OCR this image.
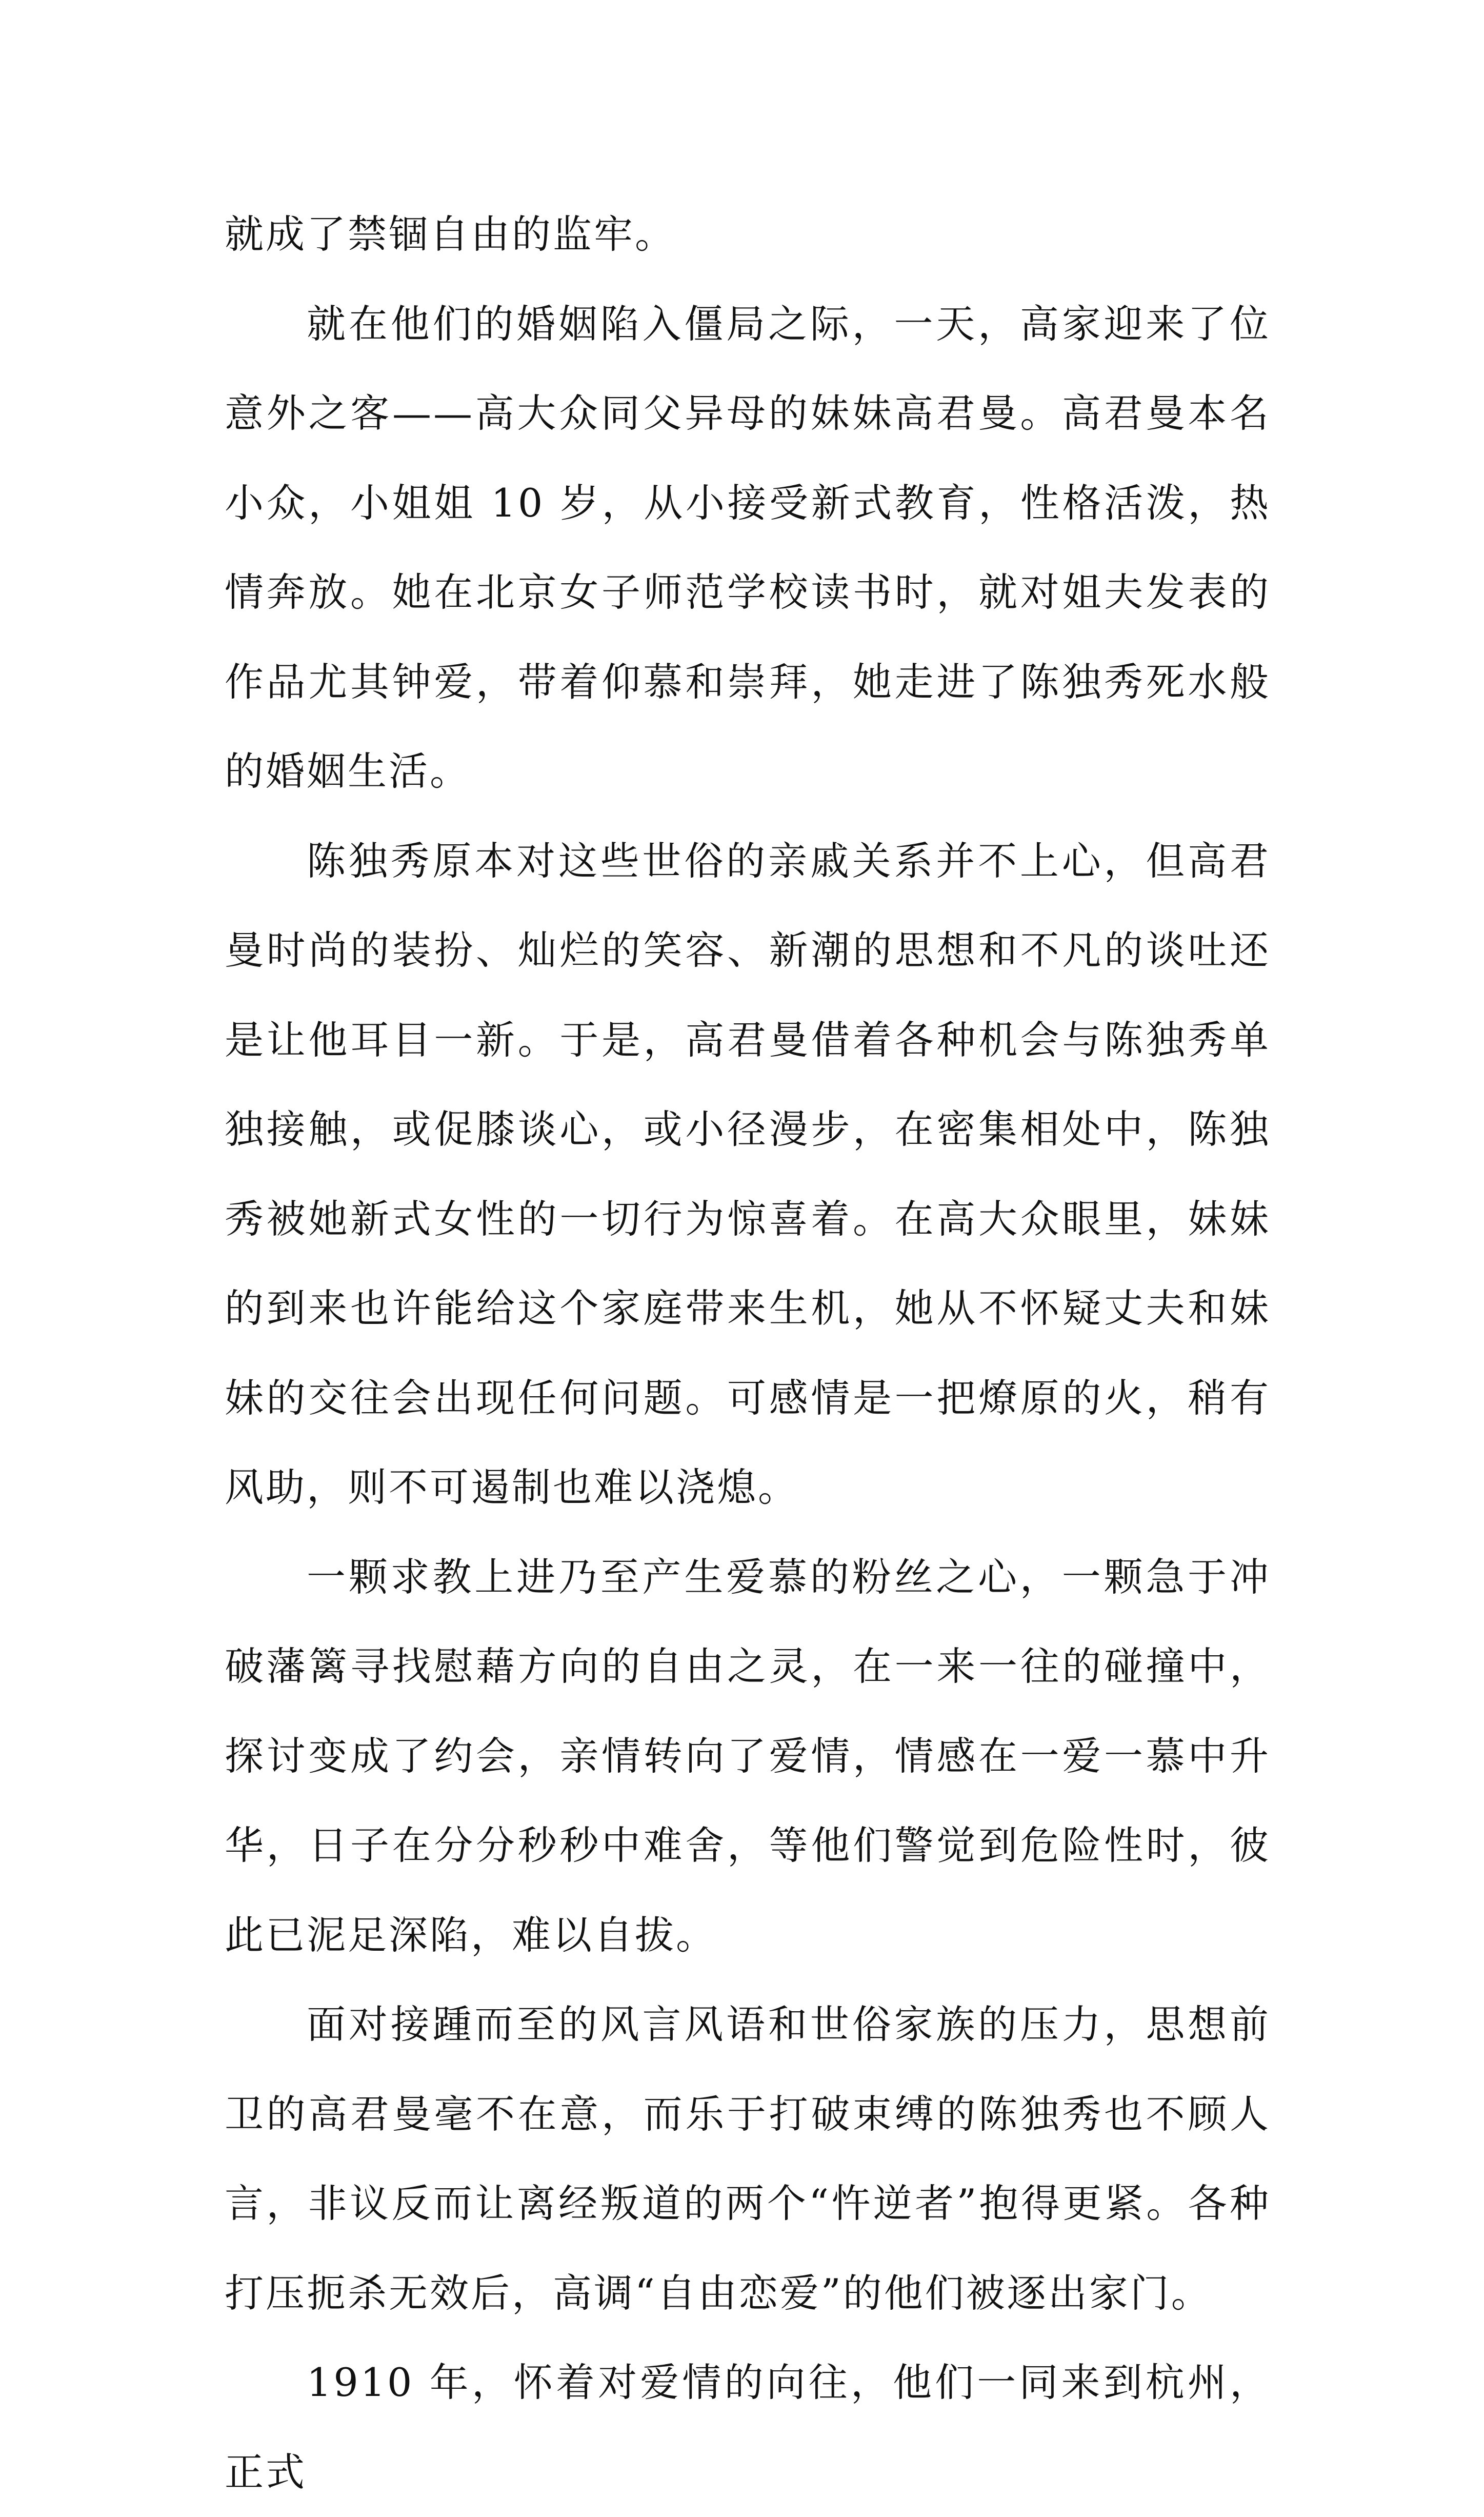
就成了禁锢自由的监牢。

就在他们的婚姻陷入僵局之际，一天，高家迎来了位意外之客——高大众同父异母的妹妹高君曼。高君曼本名小众，小姐姐 10 岁，从小接受新式教育，性格活泼，热情奔放。她在北京女子师范学校读书时，就对姐夫发表的作品尤其钟爱，带着仰慕和崇拜，她走进了陈独秀死水般的婚姻生活。

陈独秀原本对这些世俗的亲戚关系并不上心，但高君曼时尚的装扮、灿烂的笑容、新潮的思想和不凡的谈吐还是让他耳目一新。于是，高君曼借着各种机会与陈独秀单独接触，或促膝谈心，或小径漫步，在密集相处中，陈独秀被她新式女性的一切行为惊喜着。在高大众眼里，妹妹的到来也许能给这个家庭带来生机，她从不怀疑丈夫和妹妹的交往会出现任何问题。可感情是一把燎原的火，稍有风助，则不可遏制也难以浇熄。

一颗求教上进乃至产生爱慕的粉丝之心，一颗急于冲破藩篱寻找慰藉方向的自由之灵，在一来一往的碰撞中，探讨变成了约会，亲情转向了爱情，情感在一爱一慕中升华，日子在分分秒秒中难舍，等他们警觉到危险性时，彼此已泥足深陷，难以自拔。

面对接踵而至的风言风语和世俗家族的压力，思想前卫的高君曼毫不在意，而乐于打破束缚的陈独秀也不顾人言，非议反而让离经叛道的两个“忤逆者”抱得更紧。各种打压扼杀无效后，高调“自由恋爱”的他们被逐出家门。

1910 年，怀着对爱情的向往，他们一同来到杭州，正式
